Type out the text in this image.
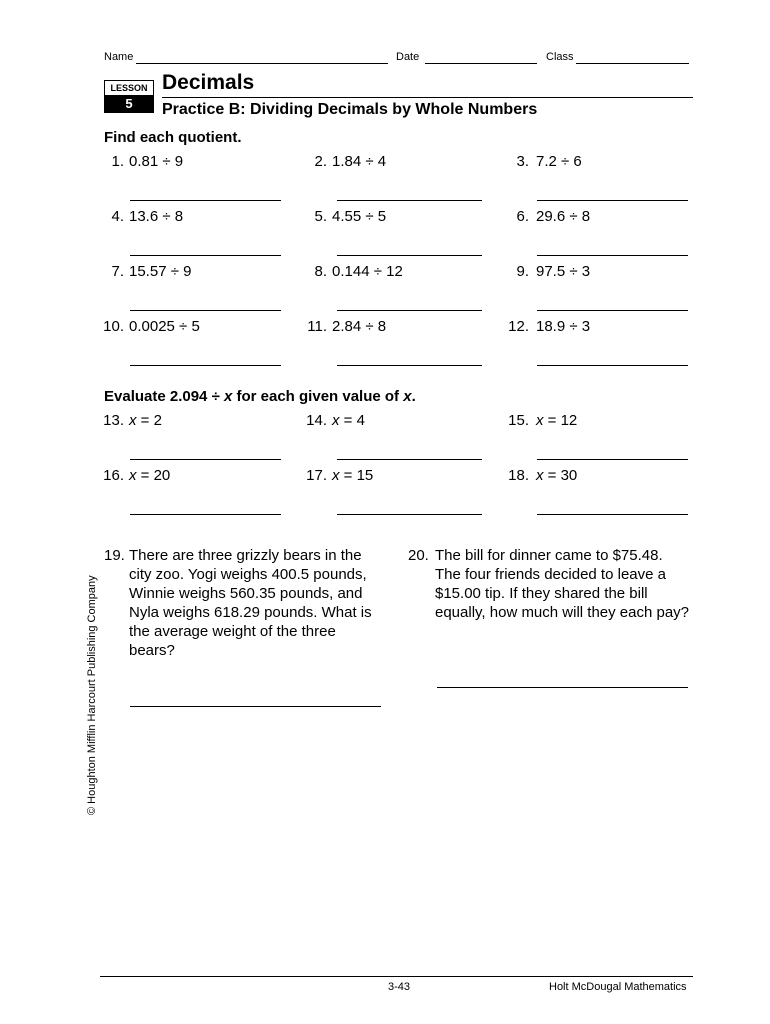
Name	Date	Class
LESSON
5
Decimals
Practice B: Dividing Decimals by Whole Numbers
Find each quotient.
1. 0.81 ÷ 9	2. 1.84 ÷ 4	3. 7.2 ÷ 6
4. 13.6 ÷ 8	5. 4.55 ÷ 5	6. 29.6 ÷ 8
7. 15.57 ÷ 9	8. 0.144 ÷ 12	9. 97.5 ÷ 3
10. 0.0025 ÷ 5	11. 2.84 ÷ 8	12. 18.9 ÷ 3
Evaluate 2.094 ÷ x for each given value of x.
13. x = 2	14. x = 4	15. x = 12
16. x = 20	17. x = 15	18. x = 30
19. There are three grizzly bears in the
city zoo. Yogi weighs 400.5 pounds,
Winnie weighs 560.35 pounds, and
Nyla weighs 618.29 pounds. What is
the average weight of the three
bears?
20. The bill for dinner came to $75.48.
The four friends decided to leave a
$15.00 tip. If they shared the bill
equally, how much will they each pay?
© Houghton Mifflin Harcourt Publishing Company
3-43	Holt McDougal Mathematics
